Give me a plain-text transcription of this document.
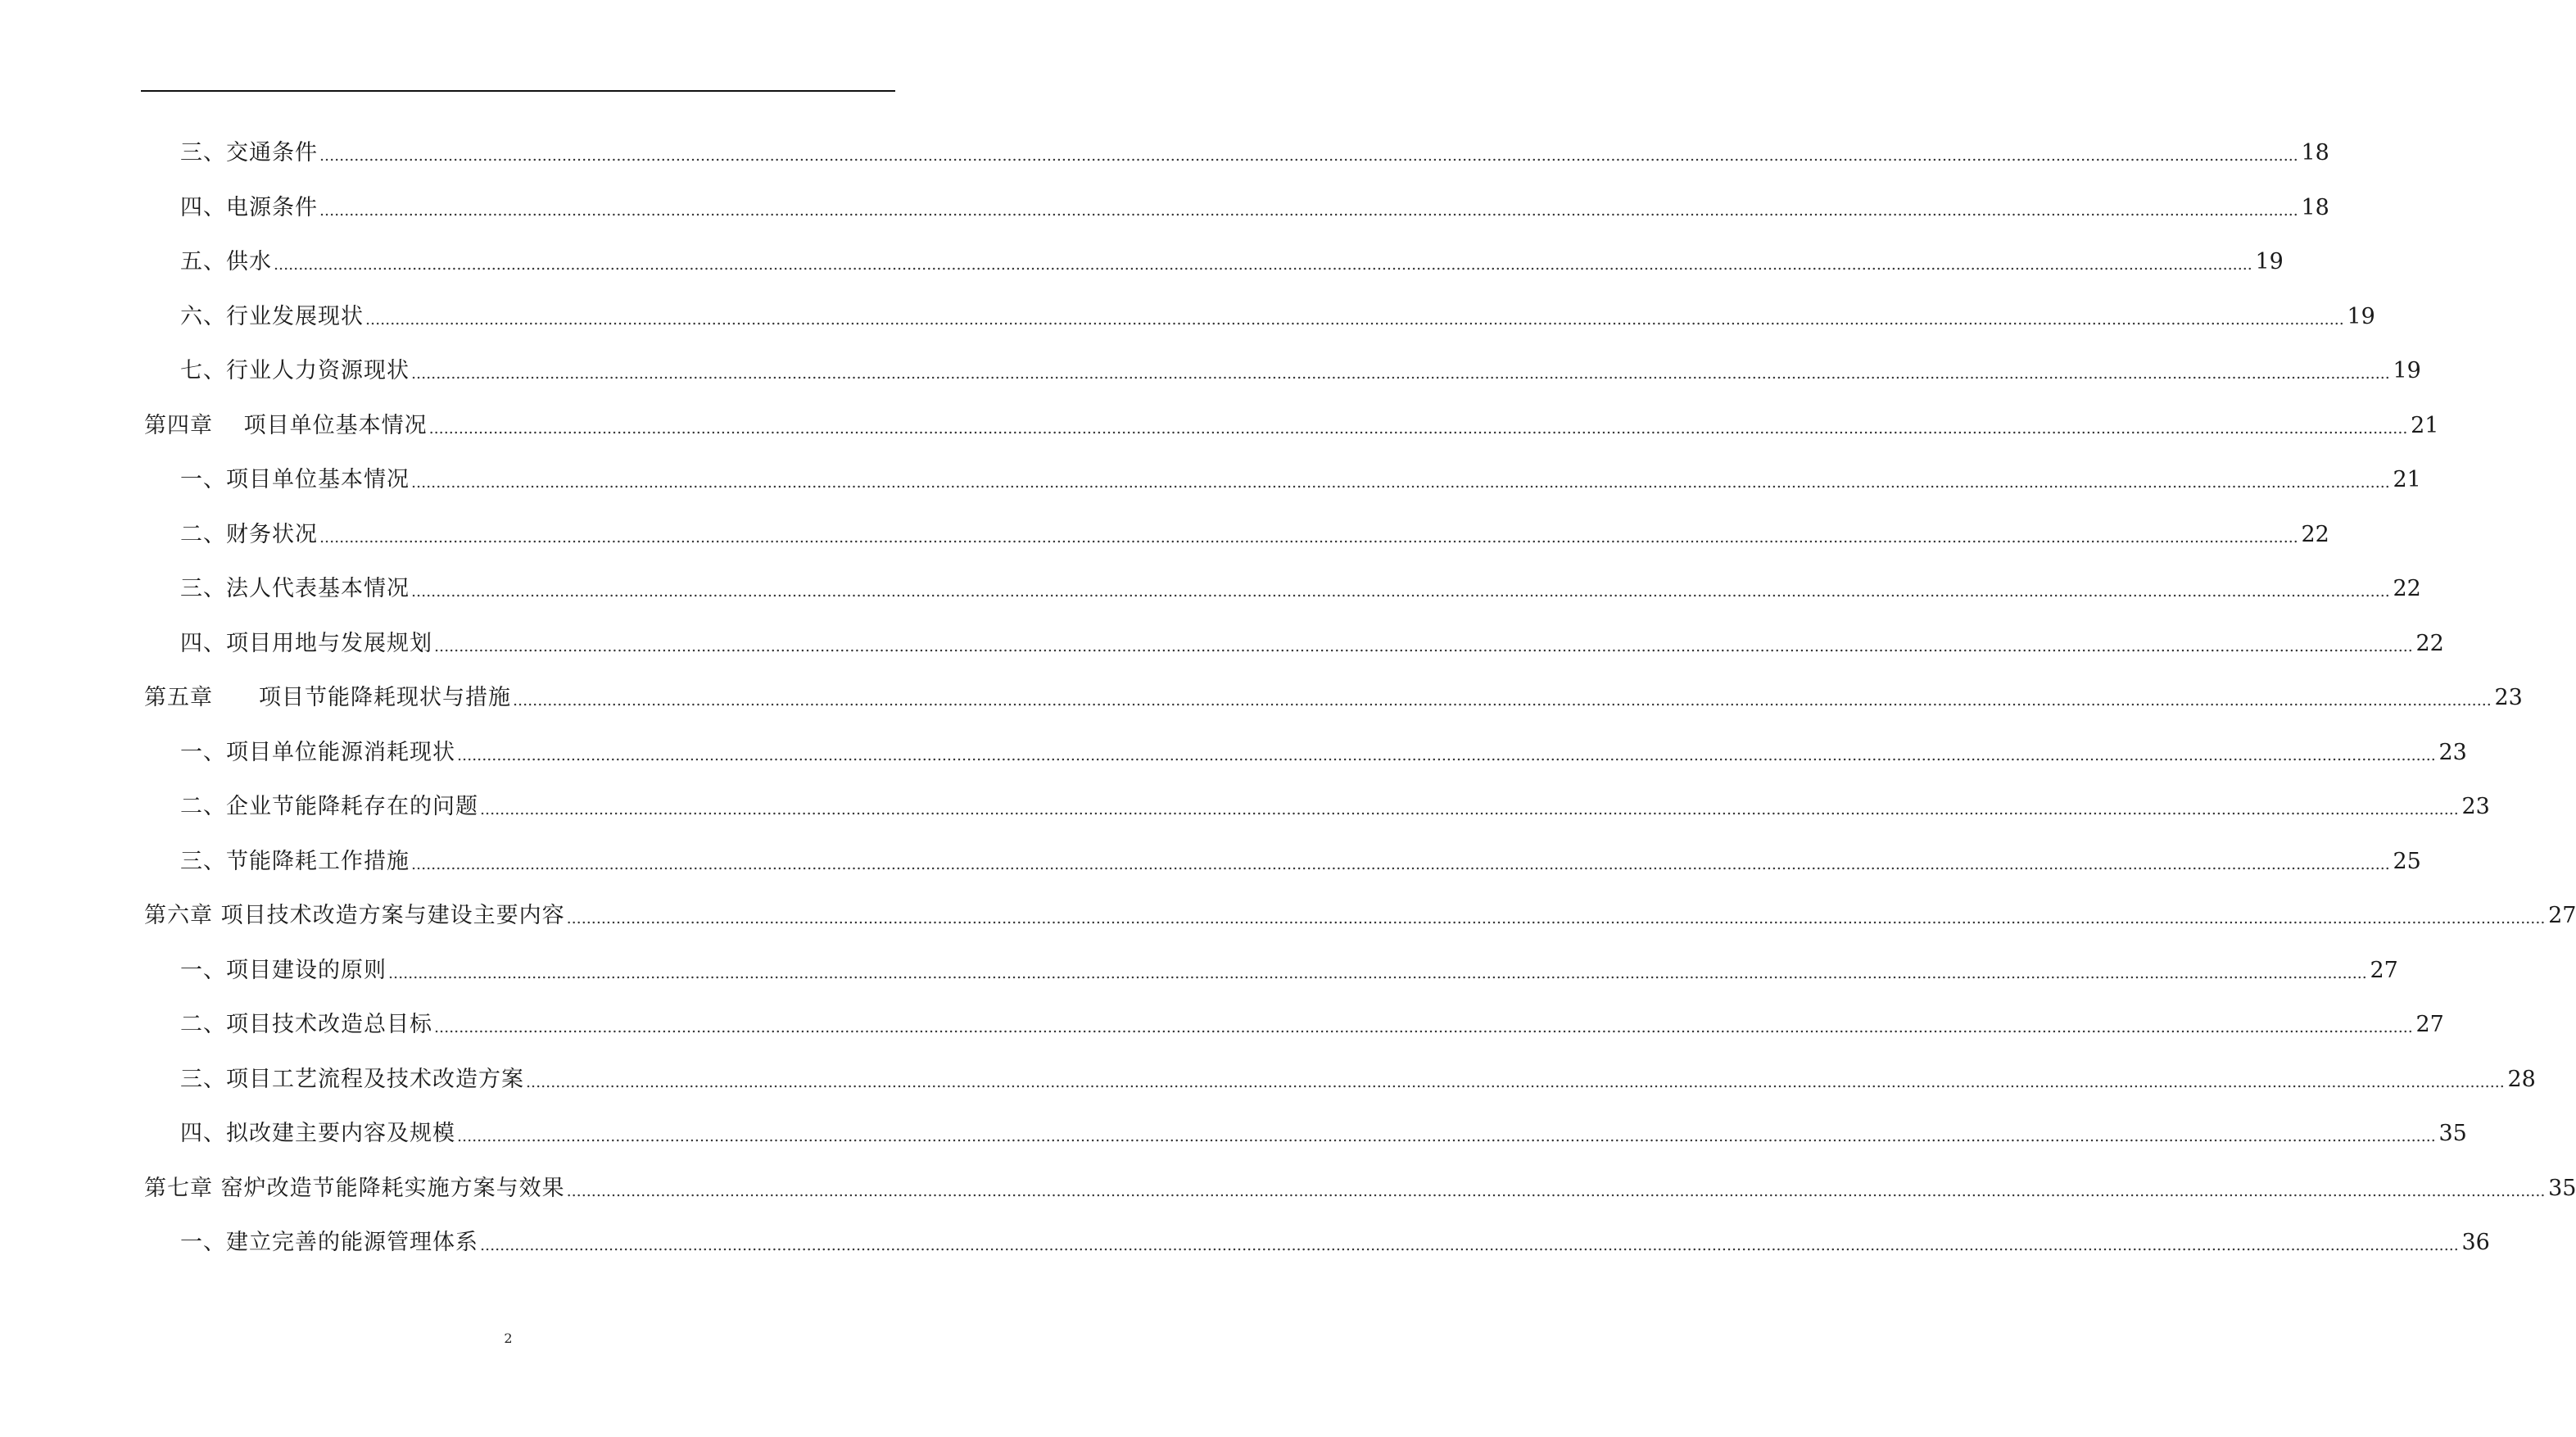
三、交通条件 ................................................................................................................................................................................................................................................................................................................................................................................................................ 18
四、电源条件 ................................................................................................................................................................................................................................................................................................................................................................................................................ 18
五、供水 ................................................................................................................................................................................................................................................................................................................................................................................................................ 19
六、行业发展现状 ................................................................................................................................................................................................................................................................................................................................................................................................................ 19
七、行业人力资源现状 ................................................................................................................................................................................................................................................................................................................................................................................................................ 19
第四章　 项目单位基本情况 ................................................................................................................................................................................................................................................................................................................................................................................................................ 21
一、项目单位基本情况 ................................................................................................................................................................................................................................................................................................................................................................................................................ 21
二、财务状况 ................................................................................................................................................................................................................................................................................................................................................................................................................ 22
三、法人代表基本情况 ................................................................................................................................................................................................................................................................................................................................................................................................................ 22
四、项目用地与发展规划 ................................................................................................................................................................................................................................................................................................................................................................................................................ 22
第五章　　项目节能降耗现状与措施 ................................................................................................................................................................................................................................................................................................................................................................................................................ 23
一、项目单位能源消耗现状 ................................................................................................................................................................................................................................................................................................................................................................................................................ 23
二、企业节能降耗存在的问题 ................................................................................................................................................................................................................................................................................................................................................................................................................ 23
三、节能降耗工作措施 ................................................................................................................................................................................................................................................................................................................................................................................................................ 25
第六章 项目技术改造方案与建设主要内容 ................................................................................................................................................................................................................................................................................................................................................................................................................ 27
一、项目建设的原则 ................................................................................................................................................................................................................................................................................................................................................................................................................ 27
二、项目技术改造总目标 ................................................................................................................................................................................................................................................................................................................................................................................................................ 27
三、项目工艺流程及技术改造方案 ................................................................................................................................................................................................................................................................................................................................................................................................................ 28
四、拟改建主要内容及规模 ................................................................................................................................................................................................................................................................................................................................................................................................................ 35
第七章 窑炉改造节能降耗实施方案与效果 ................................................................................................................................................................................................................................................................................................................................................................................................................ 35
一、建立完善的能源管理体系 ................................................................................................................................................................................................................................................................................................................................................................................................................ 36
2
